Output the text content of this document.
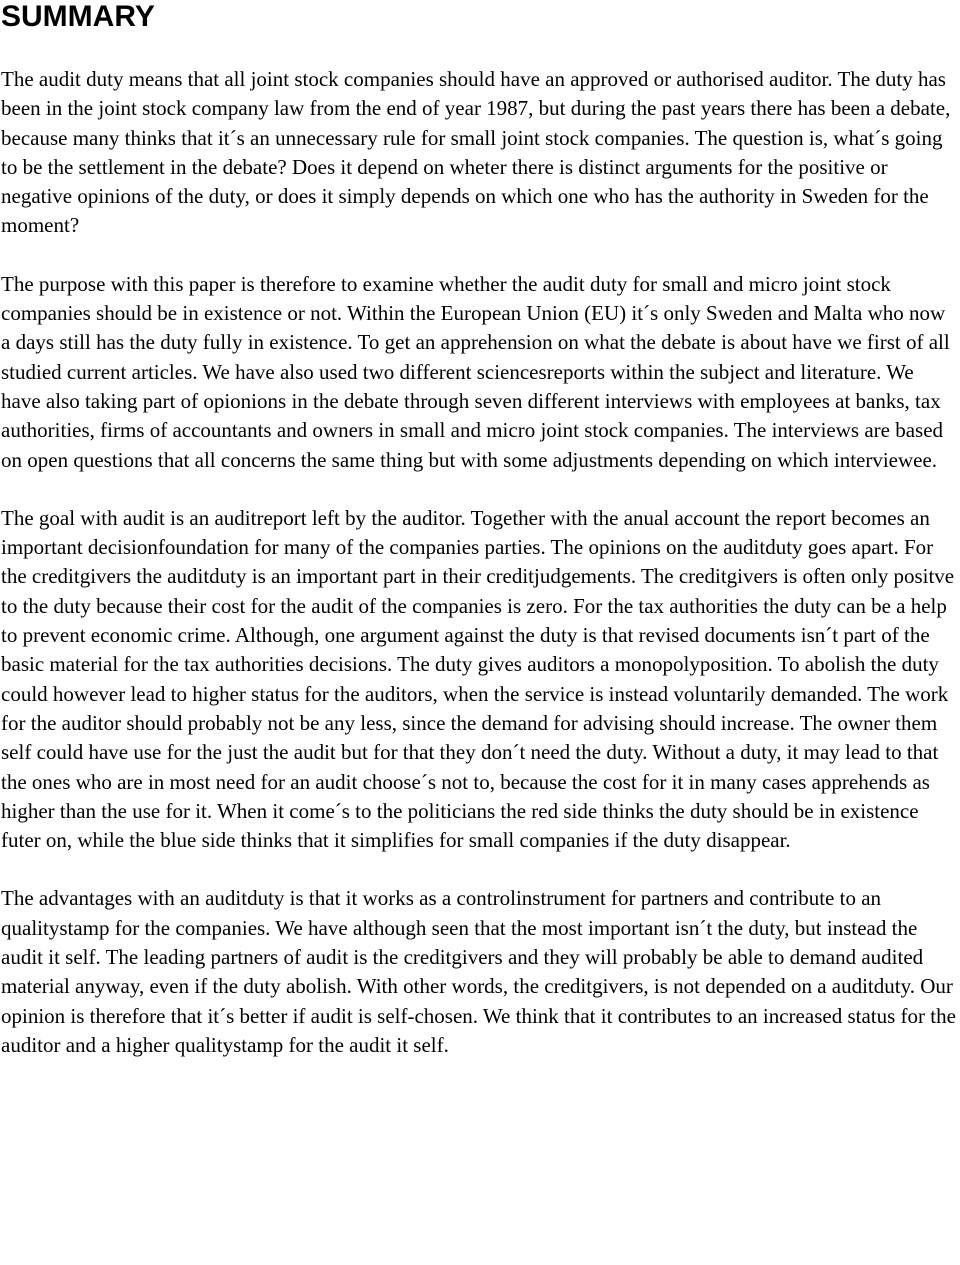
SUMMARY

The audit duty means that all joint stock companies should have an approved or authorised auditor. The duty has been in the joint stock company law from the end of year 1987, but during the past years there has been a debate, because many thinks that it´s an unnecessary rule for small joint stock companies. The question is, what´s going to be the settlement in the debate? Does it depend on wheter there is distinct arguments for the positive or negative opinions of the duty, or does it simply depends on which one who has the authority in Sweden for the moment?

The purpose with this paper is therefore to examine whether the audit duty for small and micro joint stock companies should be in existence or not. Within the European Union (EU) it´s only Sweden and Malta who now a days still has the duty fully in existence. To get an apprehension on what the debate is about have we first of all studied current articles. We have also used two different sciencesreports within the subject and literature. We have also taking part of opionions in the debate through seven different interviews with employees at banks, tax authorities, firms of accountants and owners in small and micro joint stock companies. The interviews are based on open questions that all concerns the same thing but with some adjustments depending on which interviewee.

The goal with audit is an auditreport left by the auditor. Together with the anual account the report becomes an important decisionfoundation for many of the companies parties. The opinions on the auditduty goes apart. For the creditgivers the auditduty is an important part in their creditjudgements. The creditgivers is often only positve to the duty because their cost for the audit of the companies is zero. For the tax authorities the duty can be a help to prevent economic crime. Although, one argument against the duty is that revised documents isn´t part of the basic material for the tax authorities decisions. The duty gives auditors a monopolyposition. To abolish the duty could however lead to higher status for the auditors, when the service is instead voluntarily demanded. The work for the auditor should probably not be any less, since the demand for advising should increase. The owner them self could have use for the just the audit but for that they don´t need the duty. Without a duty, it may lead to that the ones who are in most need for an audit choose´s not to, because the cost for it in many cases apprehends as higher than the use for it. When it come´s to the politicians the red side thinks the duty should be in existence futer on, while the blue side thinks that it simplifies for small companies if the duty disappear.

The advantages with an auditduty is that it works as a controlinstrument for partners and contribute to an qualitystamp for the companies. We have although seen that the most important isn´t the duty, but instead the audit it self. The leading partners of audit is the creditgivers and they will probably be able to demand audited material anyway, even if the duty abolish. With other words, the creditgivers, is not depended on a auditduty. Our opinion is therefore that it´s better if audit is self-chosen. We think that it contributes to an increased status for the auditor and a higher qualitystamp for the audit it self.
